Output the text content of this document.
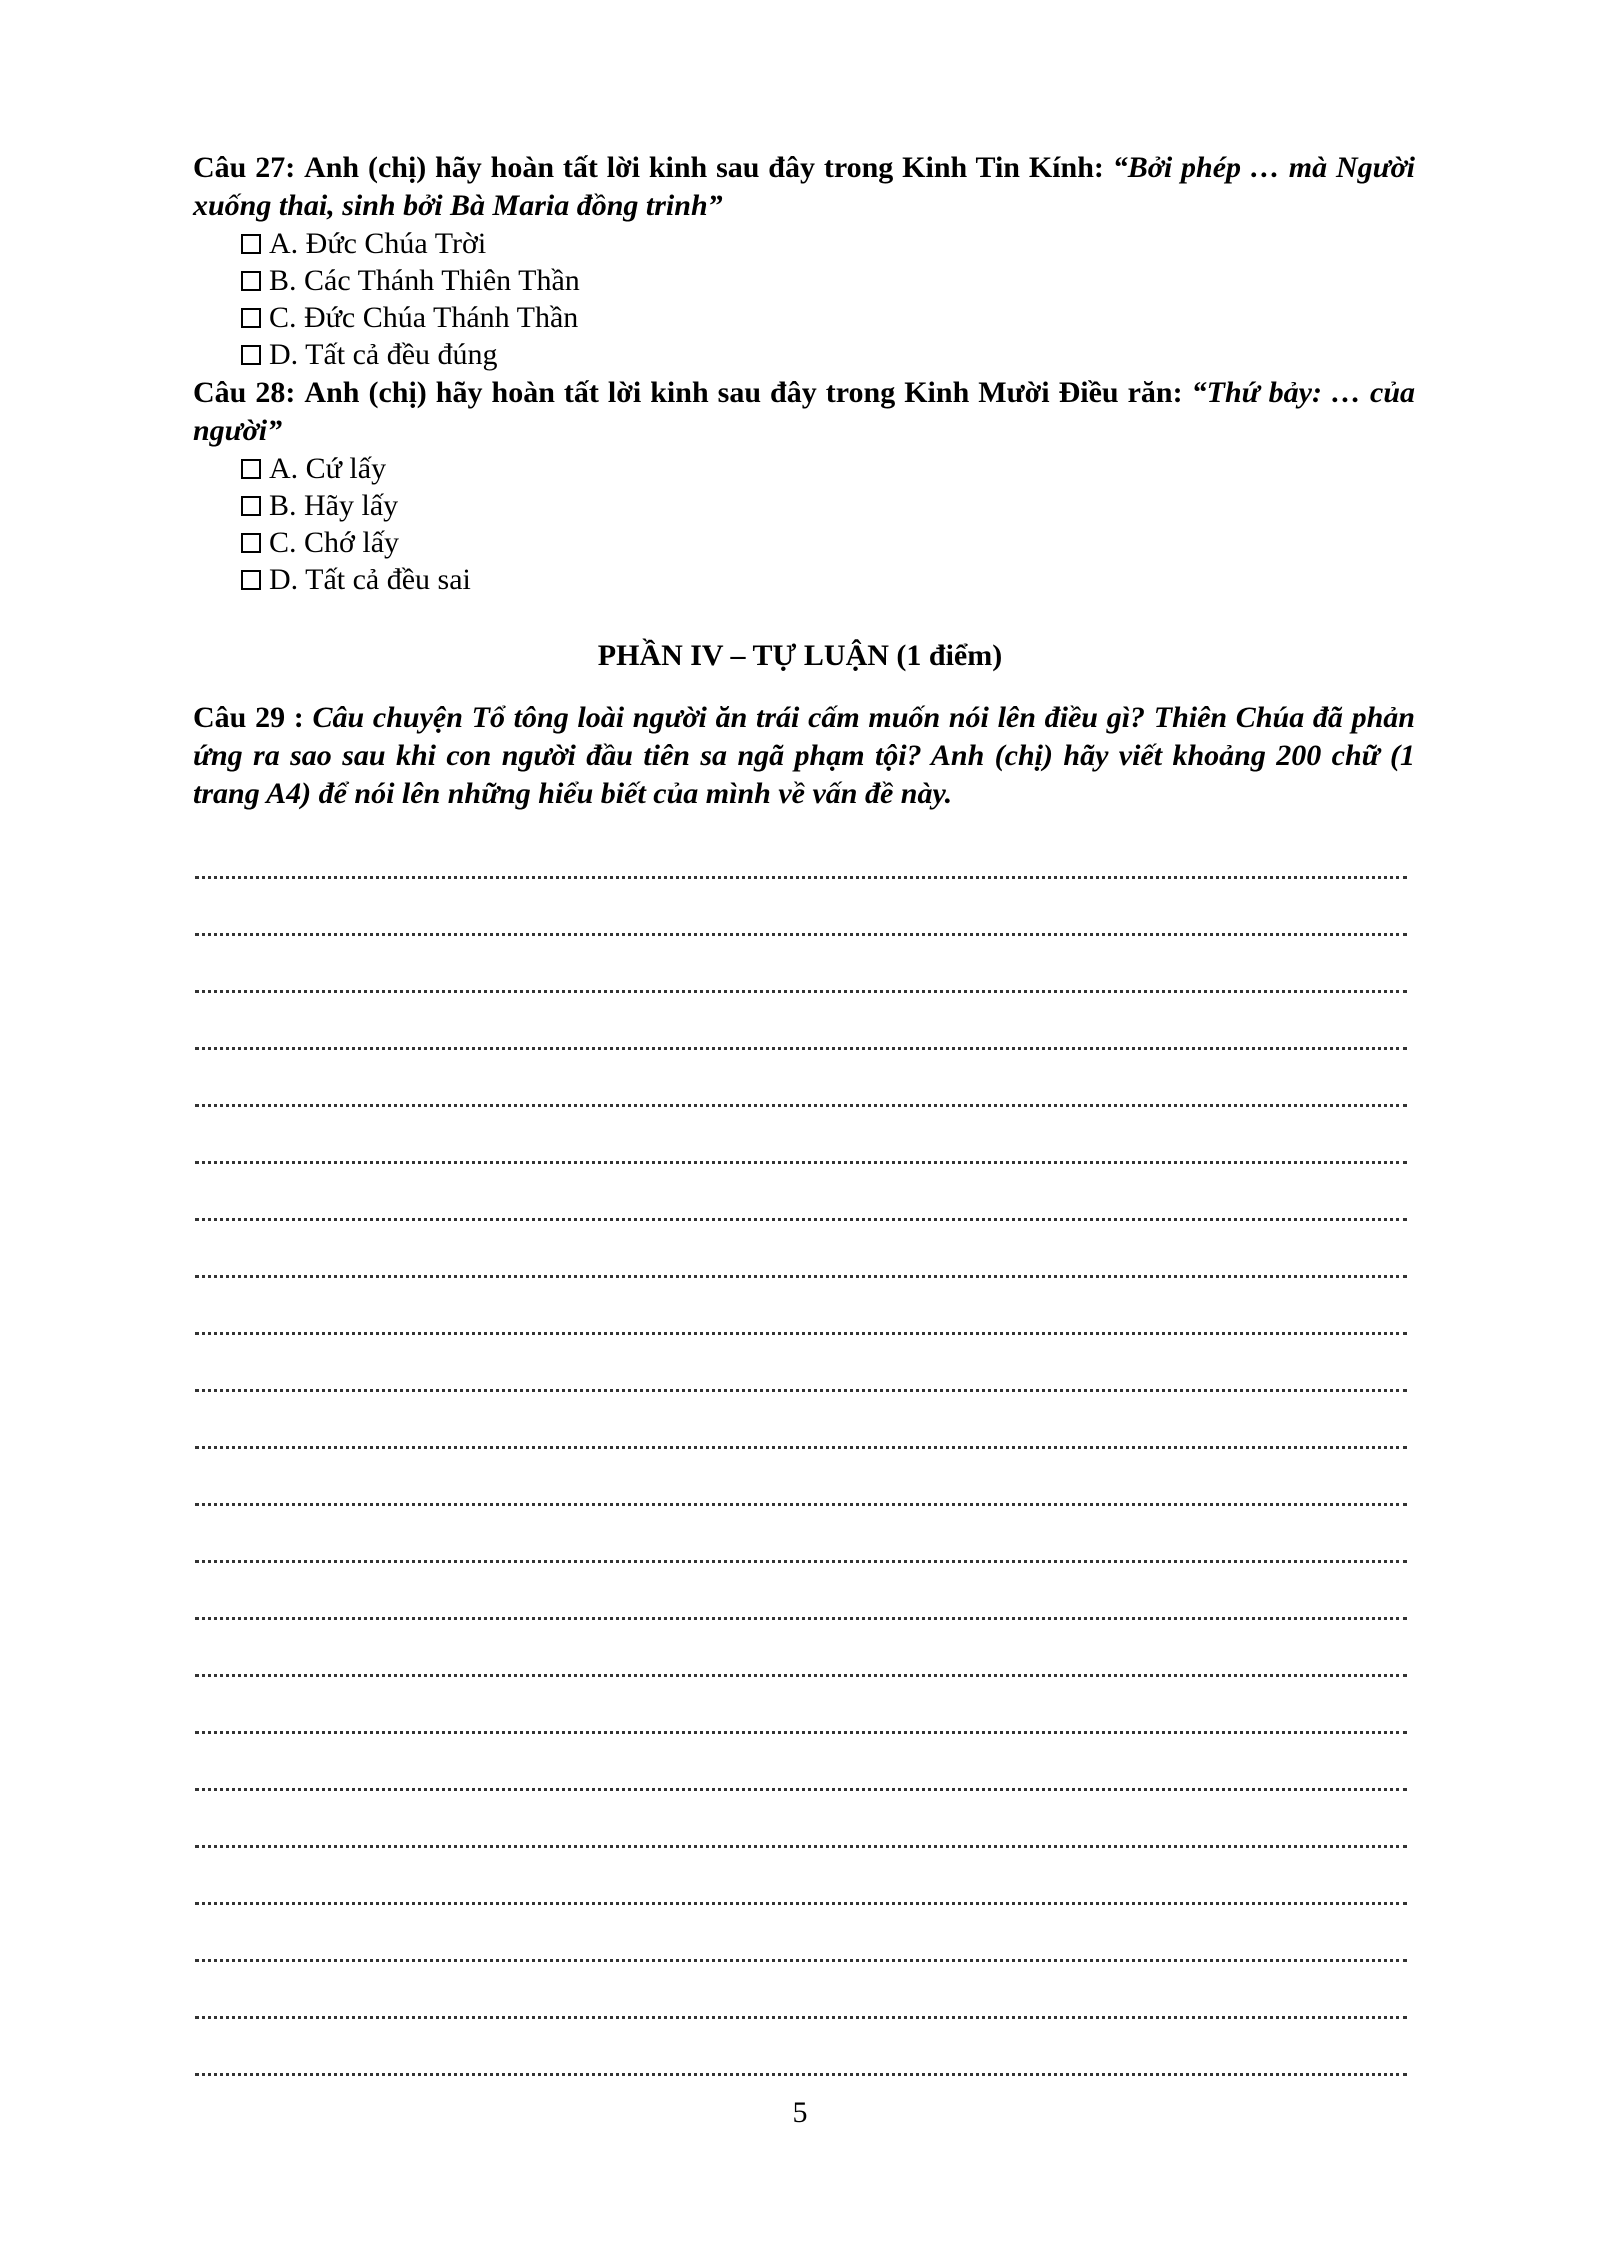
Câu 27: Anh (chị) hãy hoàn tất lời kinh sau đây trong Kinh Tin Kính: “Bởi phép … mà Người xuống thai, sinh bởi Bà Maria đồng trinh”
A. Đức Chúa Trời
B. Các Thánh Thiên Thần
C. Đức Chúa Thánh Thần
D. Tất cả đều đúng
Câu 28: Anh (chị) hãy hoàn tất lời kinh sau đây trong Kinh Mười Điều răn: “Thứ bảy: … của người”
A. Cứ lấy
B. Hãy lấy
C. Chớ lấy
D. Tất cả đều sai
PHẦN IV – TỰ LUẬN (1 điểm)
Câu 29 : Câu chuyện Tổ tông loài người ăn trái cấm muốn nói lên điều gì? Thiên Chúa đã phản ứng ra sao sau khi con người đầu tiên sa ngã phạm tội? Anh (chị) hãy viết khoảng 200 chữ (1 trang A4) để nói lên những hiểu biết của mình về vấn đề này.
5
